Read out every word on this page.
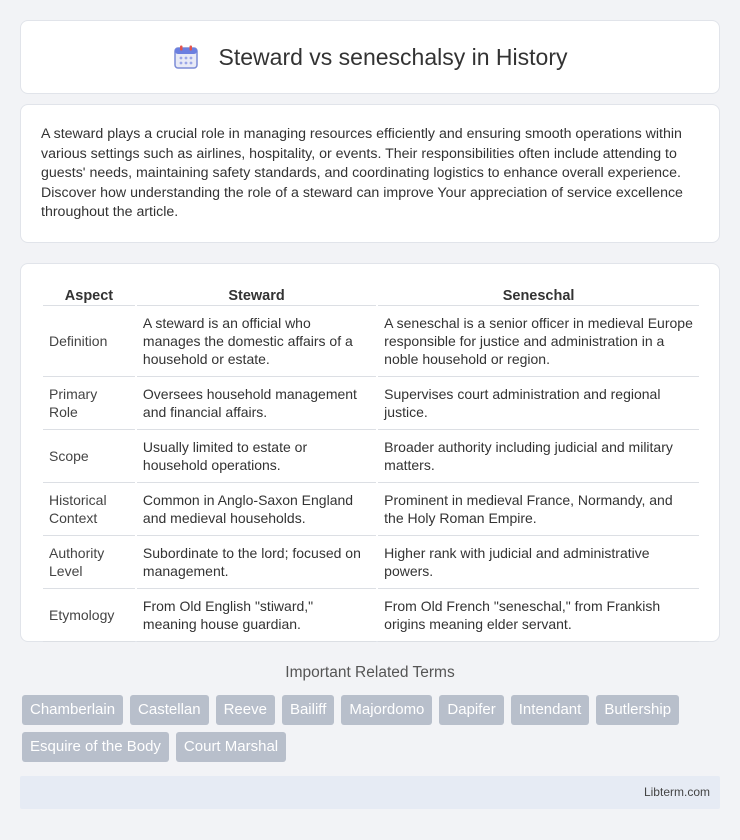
Steward vs seneschalsy in History

A steward plays a crucial role in managing resources efficiently and ensuring smooth operations within various settings such as airlines, hospitality, or events. Their responsibilities often include attending to guests' needs, maintaining safety standards, and coordinating logistics to enhance overall experience. Discover how understanding the role of a steward can improve Your appreciation of service excellence throughout the article.

Aspect	Steward	Seneschal
Definition	A steward is an official who manages the domestic affairs of a household or estate.	A seneschal is a senior officer in medieval Europe responsible for justice and administration in a noble household or region.
Primary Role	Oversees household management and financial affairs.	Supervises court administration and regional justice.
Scope	Usually limited to estate or household operations.	Broader authority including judicial and military matters.
Historical Context	Common in Anglo-Saxon England and medieval households.	Prominent in medieval France, Normandy, and the Holy Roman Empire.
Authority Level	Subordinate to the lord; focused on management.	Higher rank with judicial and administrative powers.
Etymology	From Old English "stiward," meaning house guardian.	From Old French "seneschal," from Frankish origins meaning elder servant.
Important Related Terms
Chamberlain	Castellan	Reeve	Bailiff	Majordomo	Dapifer	Intendant	Butlership
Esquire of the Body	Court Marshal
Libterm.com
